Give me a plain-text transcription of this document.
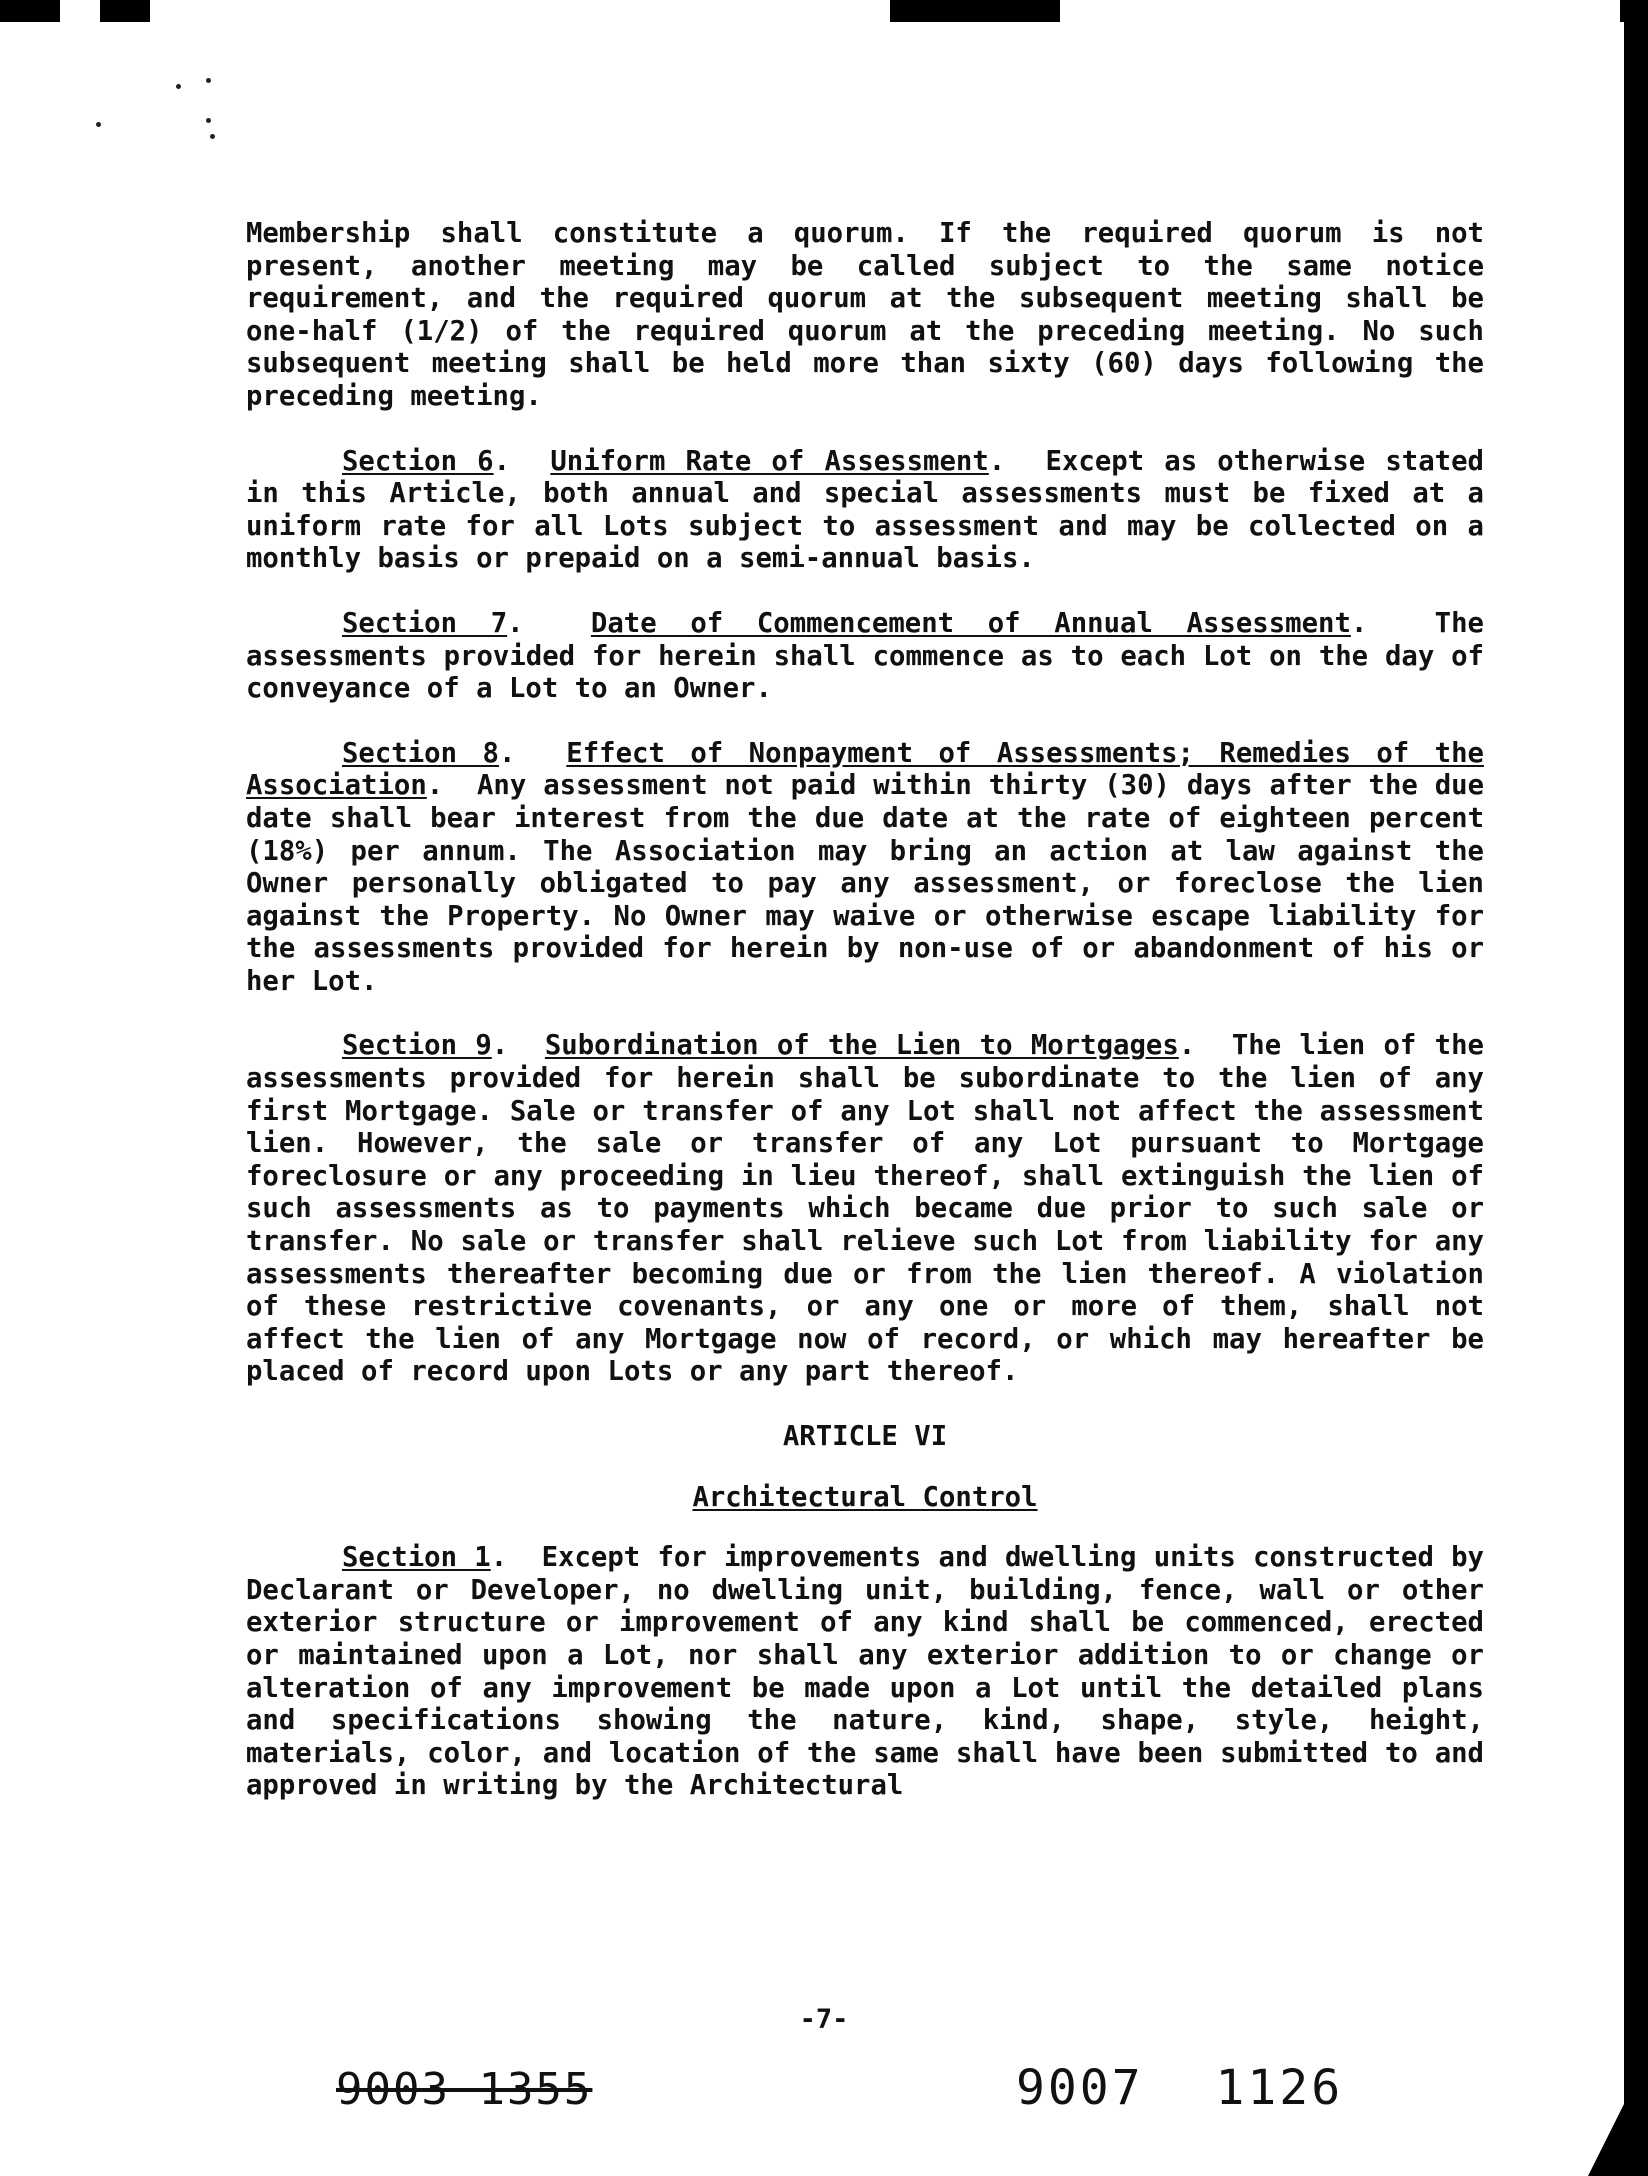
Membership shall constitute a quorum. If the required quorum is not present, another meeting may be called subject to the same notice requirement, and the required quorum at the subsequent meeting shall be one-half (1/2) of the required quorum at the preceding meeting. No such subsequent meeting shall be held more than sixty (60) days following the preceding meeting.

Section 6.  Uniform Rate of Assessment.  Except as otherwise stated in this Article, both annual and special assessments must be fixed at a uniform rate for all Lots subject to assessment and may be collected on a monthly basis or prepaid on a semi-annual basis.

Section 7.  Date of Commencement of Annual Assessment.  The assessments provided for herein shall commence as to each Lot on the day of conveyance of a Lot to an Owner.

Section 8.  Effect of Nonpayment of Assessments; Remedies of the Association.  Any assessment not paid within thirty (30) days after the due date shall bear interest from the due date at the rate of eighteen percent (18%) per annum. The Association may bring an action at law against the Owner personally obligated to pay any assessment, or foreclose the lien against the Property. No Owner may waive or otherwise escape liability for the assessments provided for herein by non-use of or abandonment of his or her Lot.

Section 9.  Subordination of the Lien to Mortgages.  The lien of the assessments provided for herein shall be subordinate to the lien of any first Mortgage. Sale or transfer of any Lot shall not affect the assessment lien. However, the sale or transfer of any Lot pursuant to Mortgage foreclosure or any proceeding in lieu thereof, shall extinguish the lien of such assessments as to payments which became due prior to such sale or transfer. No sale or transfer shall relieve such Lot from liability for any assessments thereafter becoming due or from the lien thereof. A violation of these restrictive covenants, or any one or more of them, shall not affect the lien of any Mortgage now of record, or which may hereafter be placed of record upon Lots or any part thereof.

ARTICLE VI
Architectural Control

Section 1.  Except for improvements and dwelling units constructed by Declarant or Developer, no dwelling unit, building, fence, wall or other exterior structure or improvement of any kind shall be commenced, erected or maintained upon a Lot, nor shall any exterior addition to or change or alteration of any improvement be made upon a Lot until the detailed plans and specifications showing the nature, kind, shape, style, height, materials, color, and location of the same shall have been submitted to and approved in writing by the Architectural

-7-
9003 1355	9007 1126
